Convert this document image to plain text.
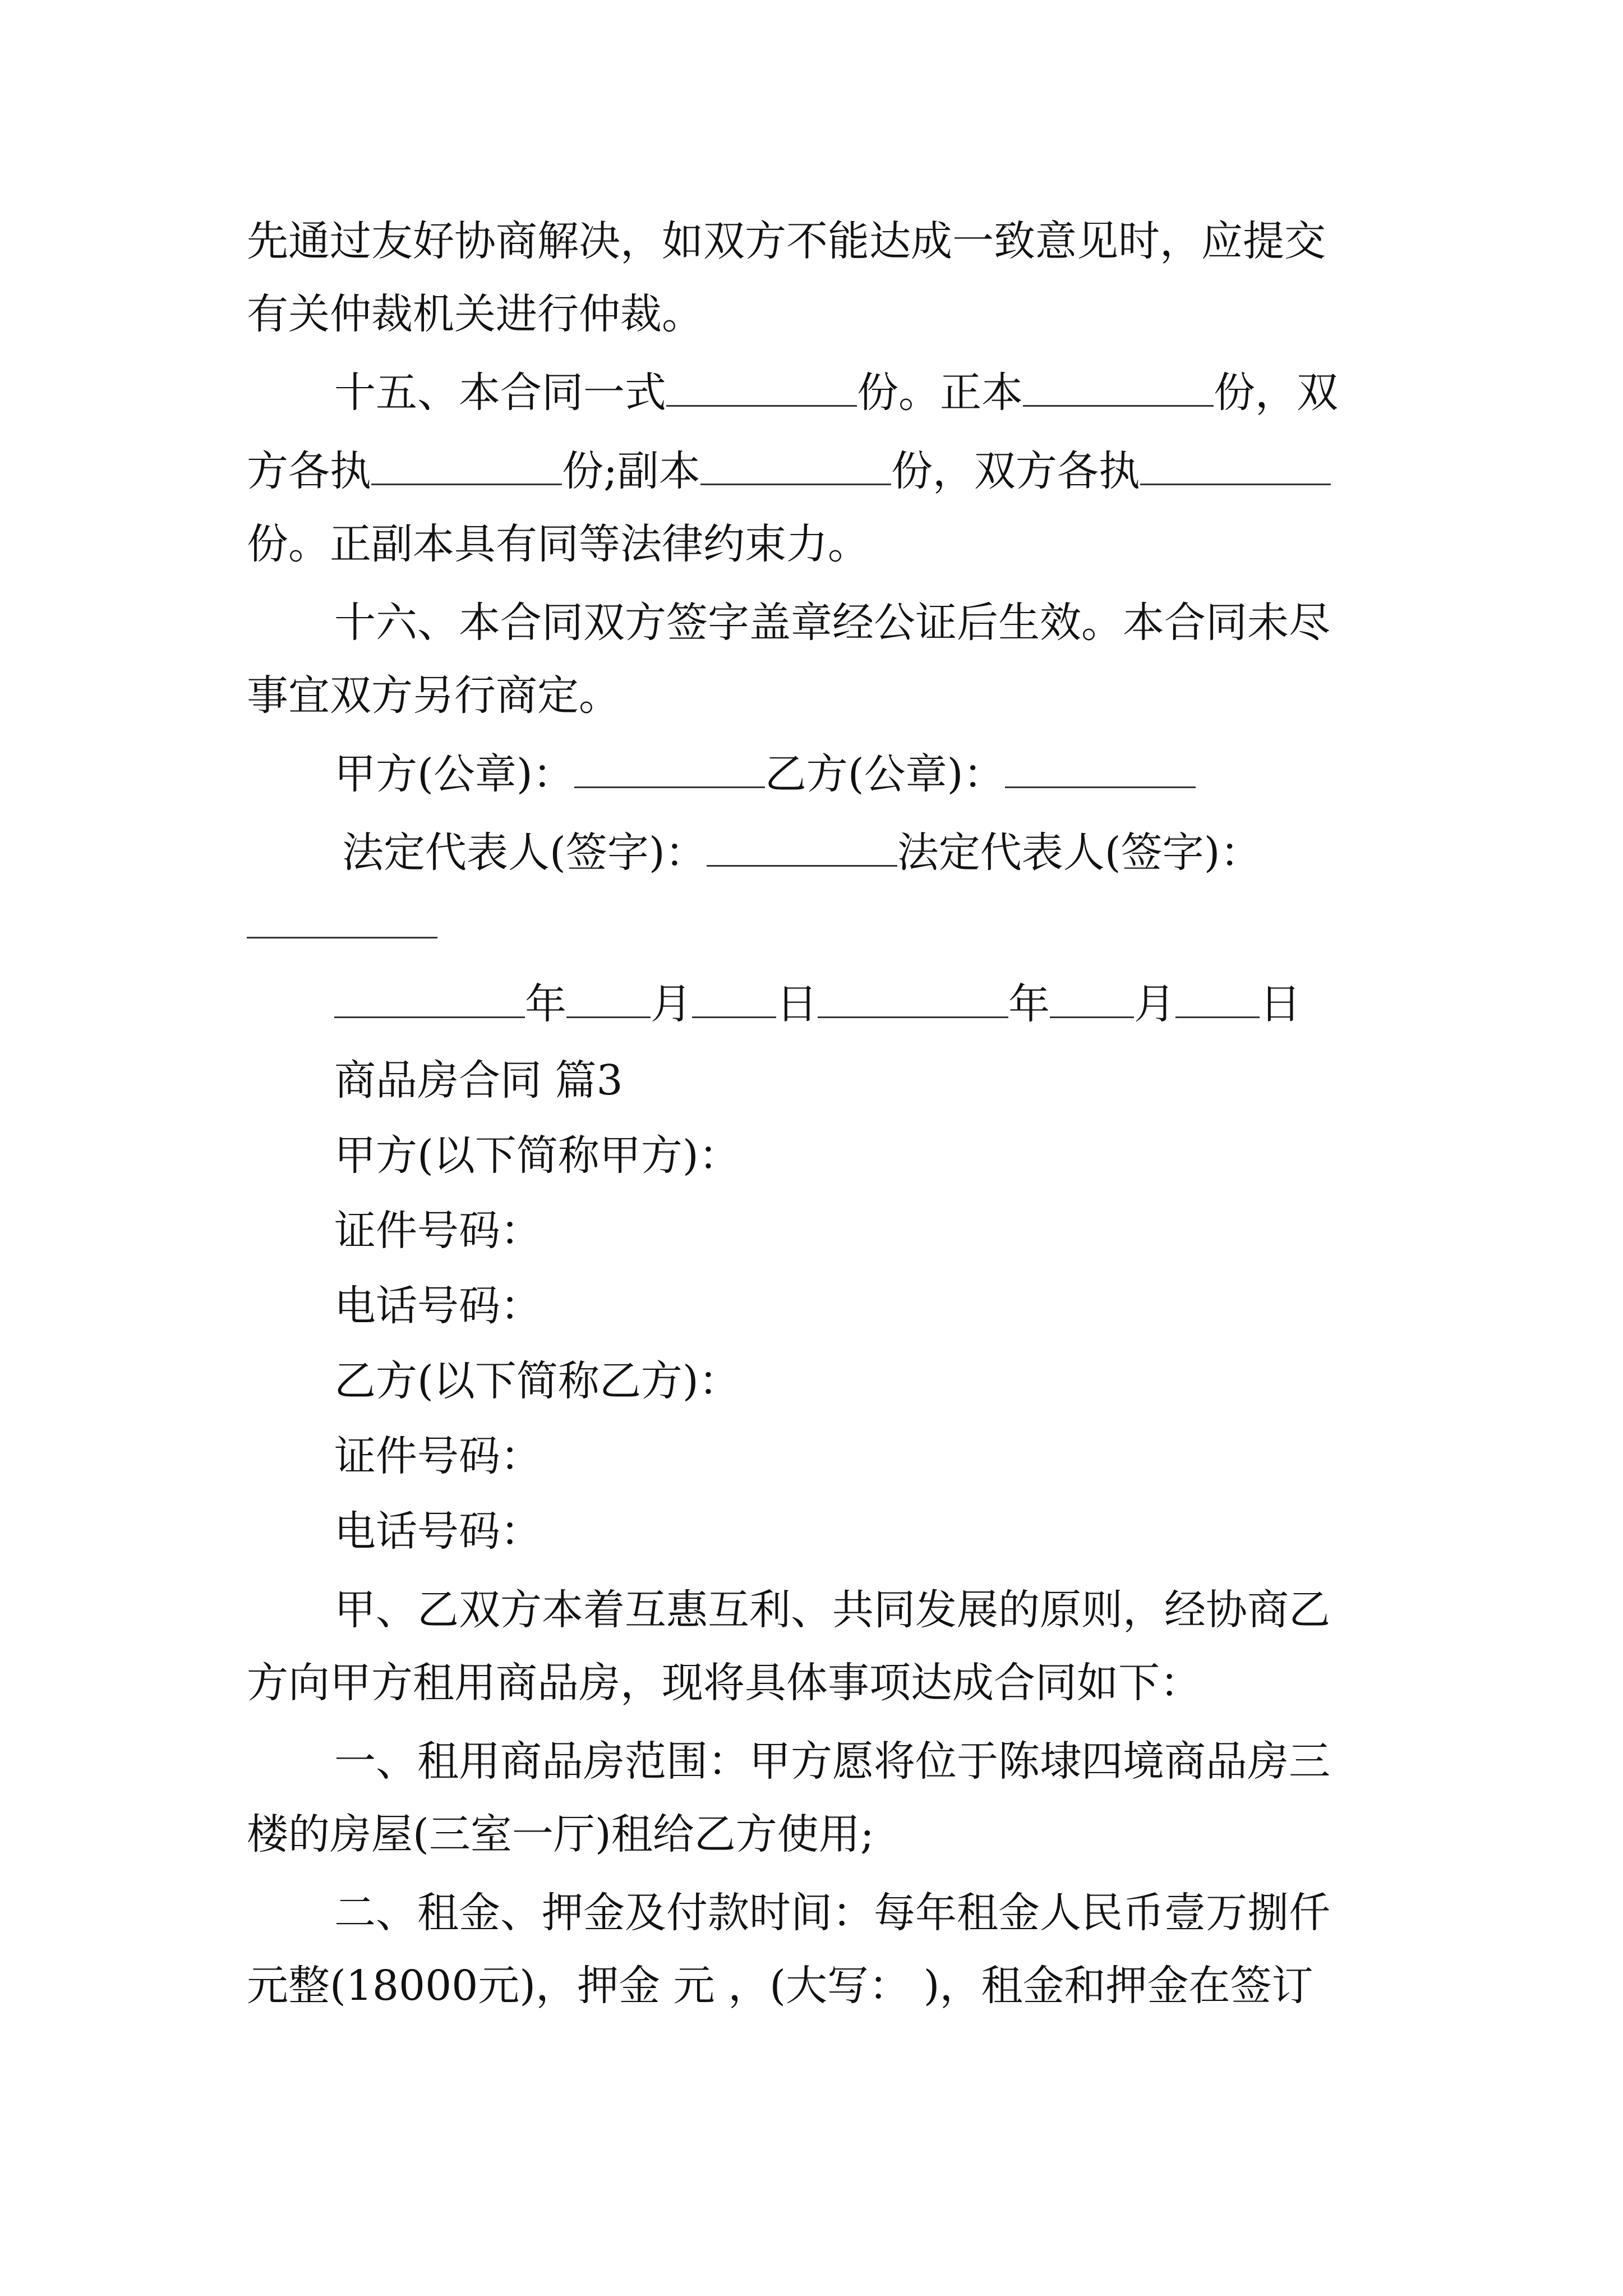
先通过友好协商解决，如双方不能达成一致意见时，应提交

有关仲裁机关进行仲裁。

十五、本合同一式	份。正本	份，双

方各执	份;副本	份，双方各执

份。正副本具有同等法律约束力。

十六、本合同双方签字盖章经公证后生效。本合同未尽

事宜双方另行商定。

甲方(公章)：	乙方(公章)：

法定代表人(签字)：	法定代表人(签字)：

年 月 日	年 月 日

商品房合同 篇3

甲方(以下简称甲方)：

证件号码：

电话号码：

乙方(以下简称乙方)：

证件号码：

电话号码：

甲、乙双方本着互惠互利、共同发展的原则，经协商乙

方向甲方租用商品房，现将具体事项达成合同如下：

一、租用商品房范围：甲方愿将位于陈埭四境商品房三

楼的房屋(三室一厅)租给乙方使用;

二、租金、押金及付款时间：每年租金人民币壹万捌仟

元整(18000元)，押金 元 ，(大写： )，租金和押金在签订
